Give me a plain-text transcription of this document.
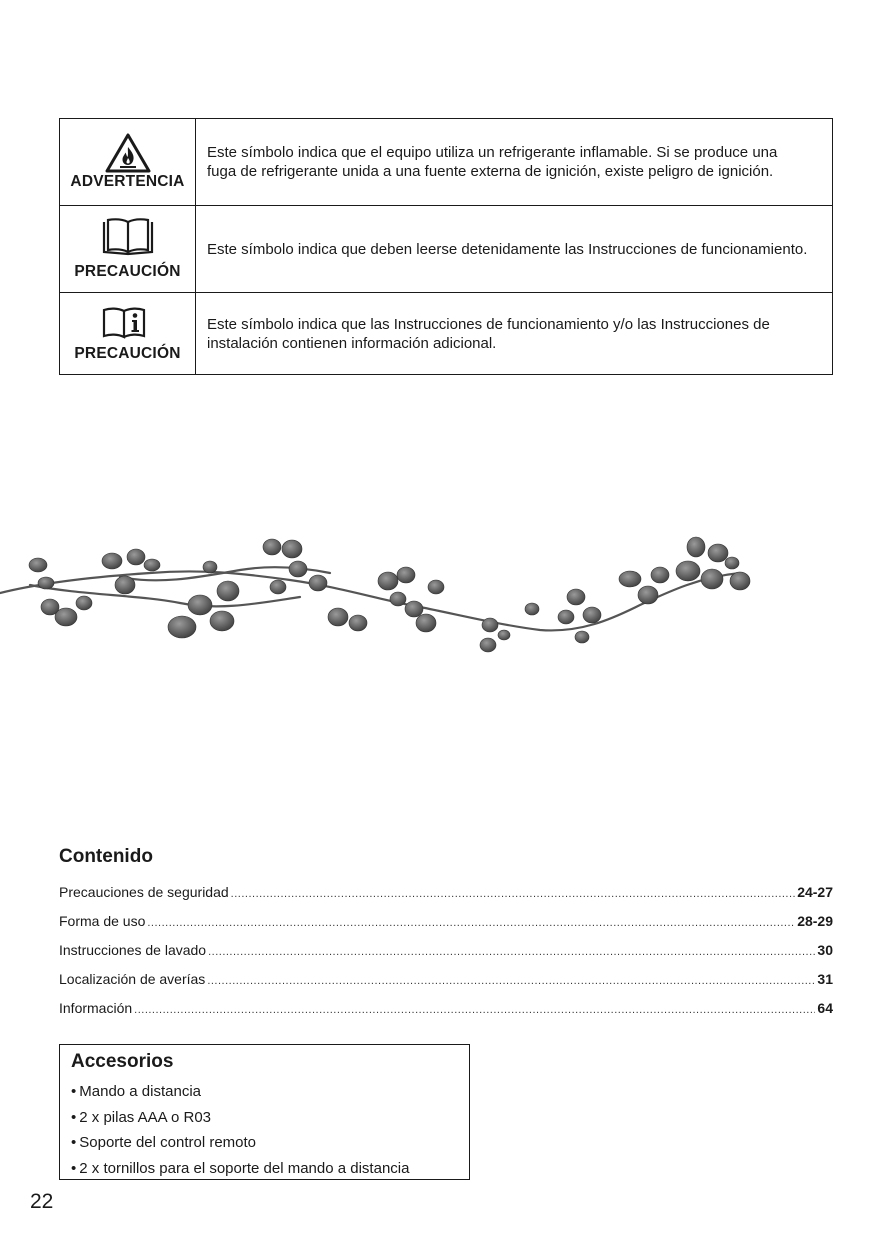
ADVERTENCIA	Este símbolo indica que el equipo utiliza un refrigerante inflamable. Si se produce una fuga de refrigerante unida a una fuente externa de ignición, existe peligro de ignición.

PRECAUCIÓN	Este símbolo indica que deben leerse detenidamente las Instrucciones de funcionamiento.

PRECAUCIÓN	Este símbolo indica que las Instrucciones de funcionamiento y/o las Instrucciones de instalación contienen información adicional.
Contenido
Precauciones de seguridad .....	24-27
Forma de uso .....	28-29
Instrucciones de lavado .....	30
Localización de averías .....	31
Información .....	64
Accesorios
• Mando a distancia
• 2 x pilas AAA o R03
• Soporte del control remoto
• 2 x tornillos para el soporte del mando a distancia
22
